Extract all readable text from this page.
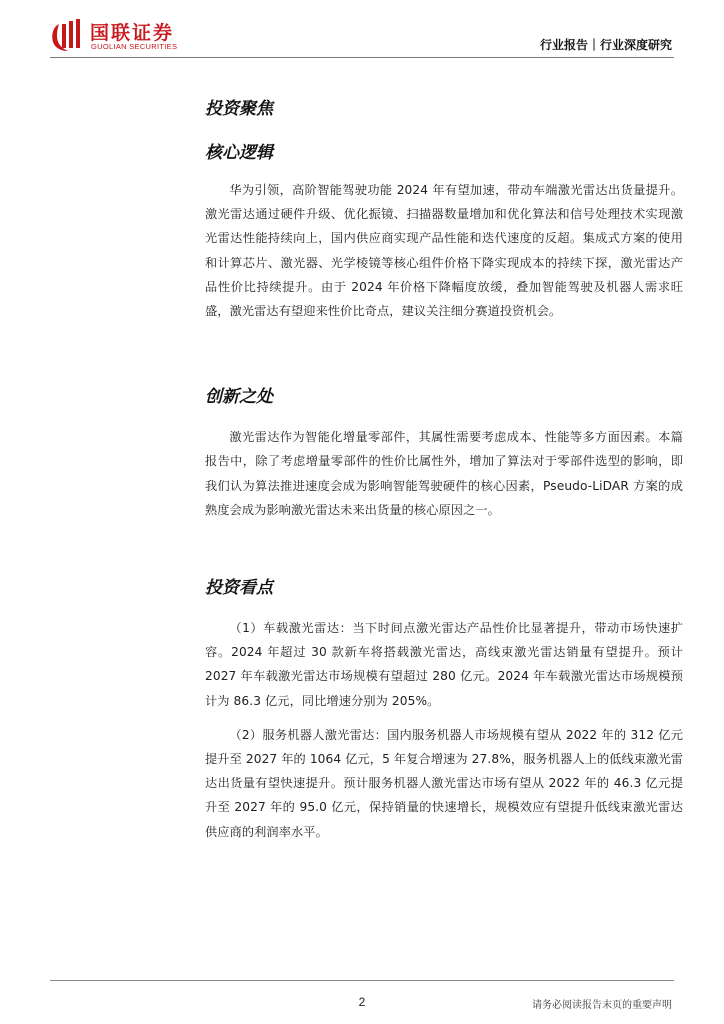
国联证券
GUOLIAN SECURITIES	行业报告｜行业深度研究
投资聚焦
核心逻辑

华为引领，高阶智能驾驶功能 2024 年有望加速，带动车端激光雷达出货量提升。激光雷达通过硬件升级、优化振镜、扫描器数量增加和优化算法和信号处理技术实现激光雷达性能持续向上，国内供应商实现产品性能和迭代速度的反超。集成式方案的使用和计算芯片、激光器、光学棱镜等核心组件价格下降实现成本的持续下探，激光雷达产品性价比持续提升。由于 2024 年价格下降幅度放缓，叠加智能驾驶及机器人需求旺盛，激光雷达有望迎来性价比奇点，建议关注细分赛道投资机会。

创新之处

激光雷达作为智能化增量零部件，其属性需要考虑成本、性能等多方面因素。本篇报告中，除了考虑增量零部件的性价比属性外，增加了算法对于零部件选型的影响，即我们认为算法推进速度会成为影响智能驾驶硬件的核心因素，Pseudo-LiDAR 方案的成熟度会成为影响激光雷达未来出货量的核心原因之一。

投资看点

（1）车载激光雷达：当下时间点激光雷达产品性价比显著提升，带动市场快速扩容。2024 年超过 30 款新车将搭载激光雷达，高线束激光雷达销量有望提升。预计 2027 年车载激光雷达市场规模有望超过 280 亿元。2024 年车载激光雷达市场规模预计为 86.3 亿元，同比增速分别为 205%。

（2）服务机器人激光雷达：国内服务机器人市场规模有望从 2022 年的 312 亿元提升至 2027 年的 1064 亿元，5 年复合增速为 27.8%，服务机器人上的低线束激光雷达出货量有望快速提升。预计服务机器人激光雷达市场有望从 2022 年的 46.3 亿元提升至 2027 年的 95.0 亿元，保持销量的快速增长，规模效应有望提升低线束激光雷达供应商的利润率水平。

2	请务必阅读报告末页的重要声明
